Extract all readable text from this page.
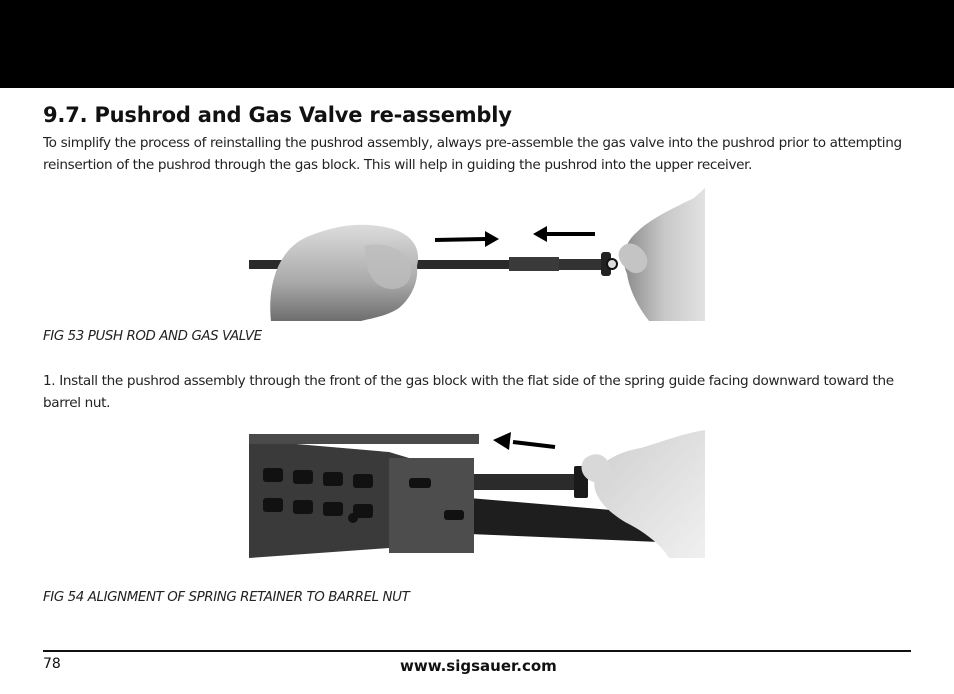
9.7. Pushrod and Gas Valve re-assembly

To simplify the process of reinstalling the pushrod assembly, always pre-assemble the gas valve into the pushrod prior to attempting reinsertion of the pushrod through the gas block. This will help in guiding the pushrod into the upper receiver.

FIG 53 PUSH ROD AND GAS VALVE

1. Install the pushrod assembly through the front of the gas block with the flat side of the spring guide facing downward toward the barrel nut.

FIG 54 ALIGNMENT OF SPRING RETAINER TO BARREL NUT

78	www.sigsauer.com
